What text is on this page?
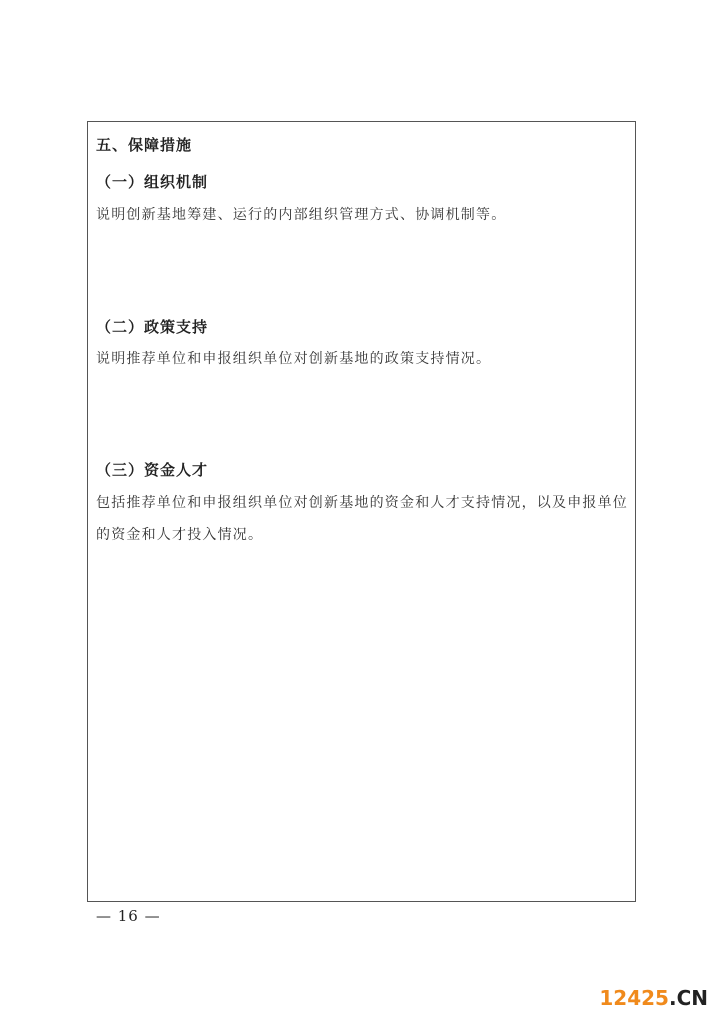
五、保障措施
（一）组织机制
说明创新基地筹建、运行的内部组织管理方式、协调机制等。
（二）政策支持
说明推荐单位和申报组织单位对创新基地的政策支持情况。
（三）资金人才
包括推荐单位和申报组织单位对创新基地的资金和人才支持情况，以及申报单位的资金和人才投入情况。
— 16 —
12425.CN
